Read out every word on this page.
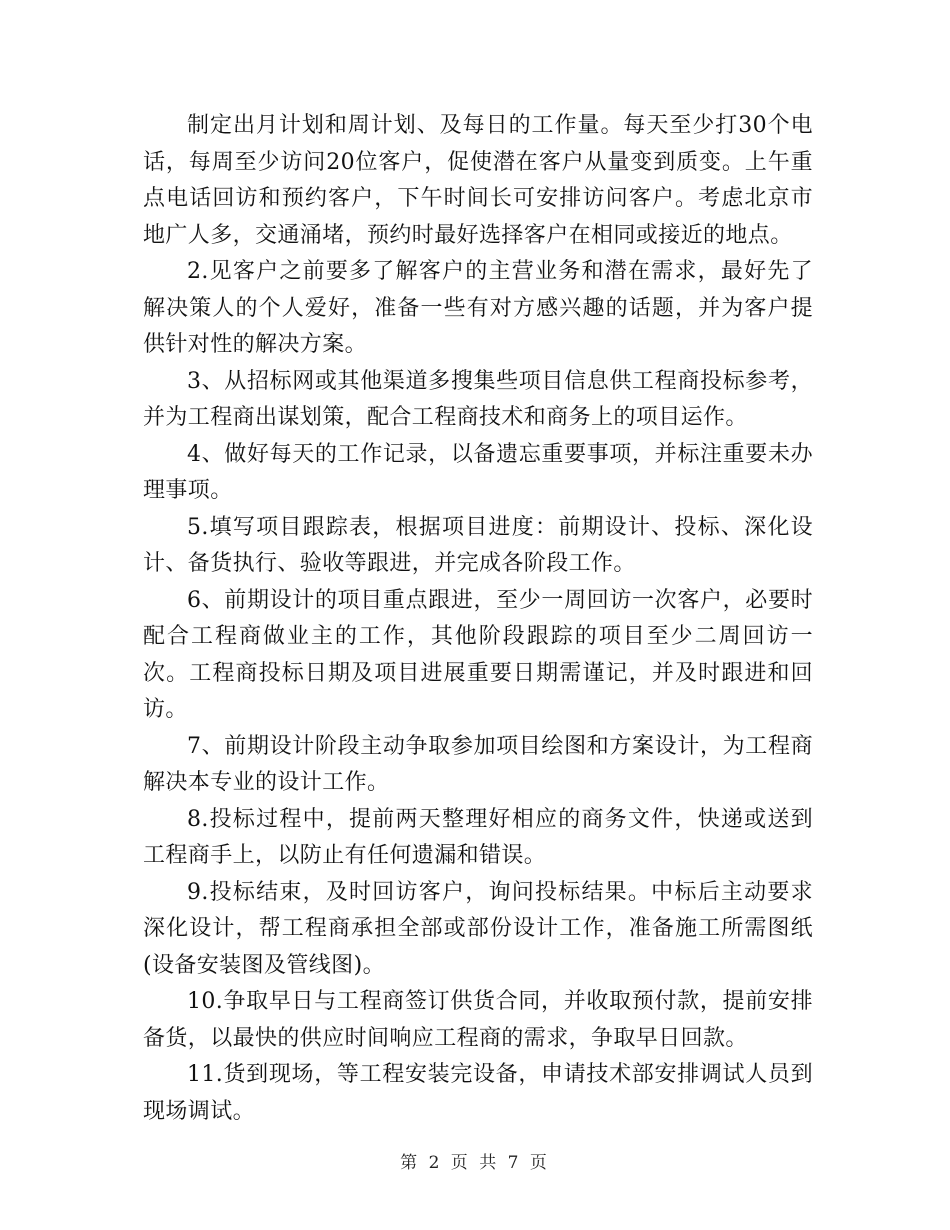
制定出月计划和周计划、及每日的工作量。每天至少打30个电话，每周至少访问20位客户，促使潜在客户从量变到质变。上午重点电话回访和预约客户，下午时间长可安排访问客户。考虑北京市地广人多，交通涌堵，预约时最好选择客户在相同或接近的地点。

2.见客户之前要多了解客户的主营业务和潜在需求，最好先了解决策人的个人爱好，准备一些有对方感兴趣的话题，并为客户提供针对性的解决方案。

3、从招标网或其他渠道多搜集些项目信息供工程商投标参考，并为工程商出谋划策，配合工程商技术和商务上的项目运作。

4、做好每天的工作记录，以备遗忘重要事项，并标注重要未办理事项。

5.填写项目跟踪表，根据项目进度：前期设计、投标、深化设计、备货执行、验收等跟进，并完成各阶段工作。

6、前期设计的项目重点跟进，至少一周回访一次客户，必要时配合工程商做业主的工作，其他阶段跟踪的项目至少二周回访一次。工程商投标日期及项目进展重要日期需谨记，并及时跟进和回访。

7、前期设计阶段主动争取参加项目绘图和方案设计，为工程商解决本专业的设计工作。

8.投标过程中，提前两天整理好相应的商务文件，快递或送到工程商手上，以防止有任何遗漏和错误。

9.投标结束，及时回访客户，询问投标结果。中标后主动要求深化设计，帮工程商承担全部或部份设计工作，准备施工所需图纸(设备安装图及管线图)。

10.争取早日与工程商签订供货合同，并收取预付款，提前安排备货，以最快的供应时间响应工程商的需求，争取早日回款。

11.货到现场，等工程安装完设备，申请技术部安排调试人员到现场调试。

第 2 页 共 7 页
